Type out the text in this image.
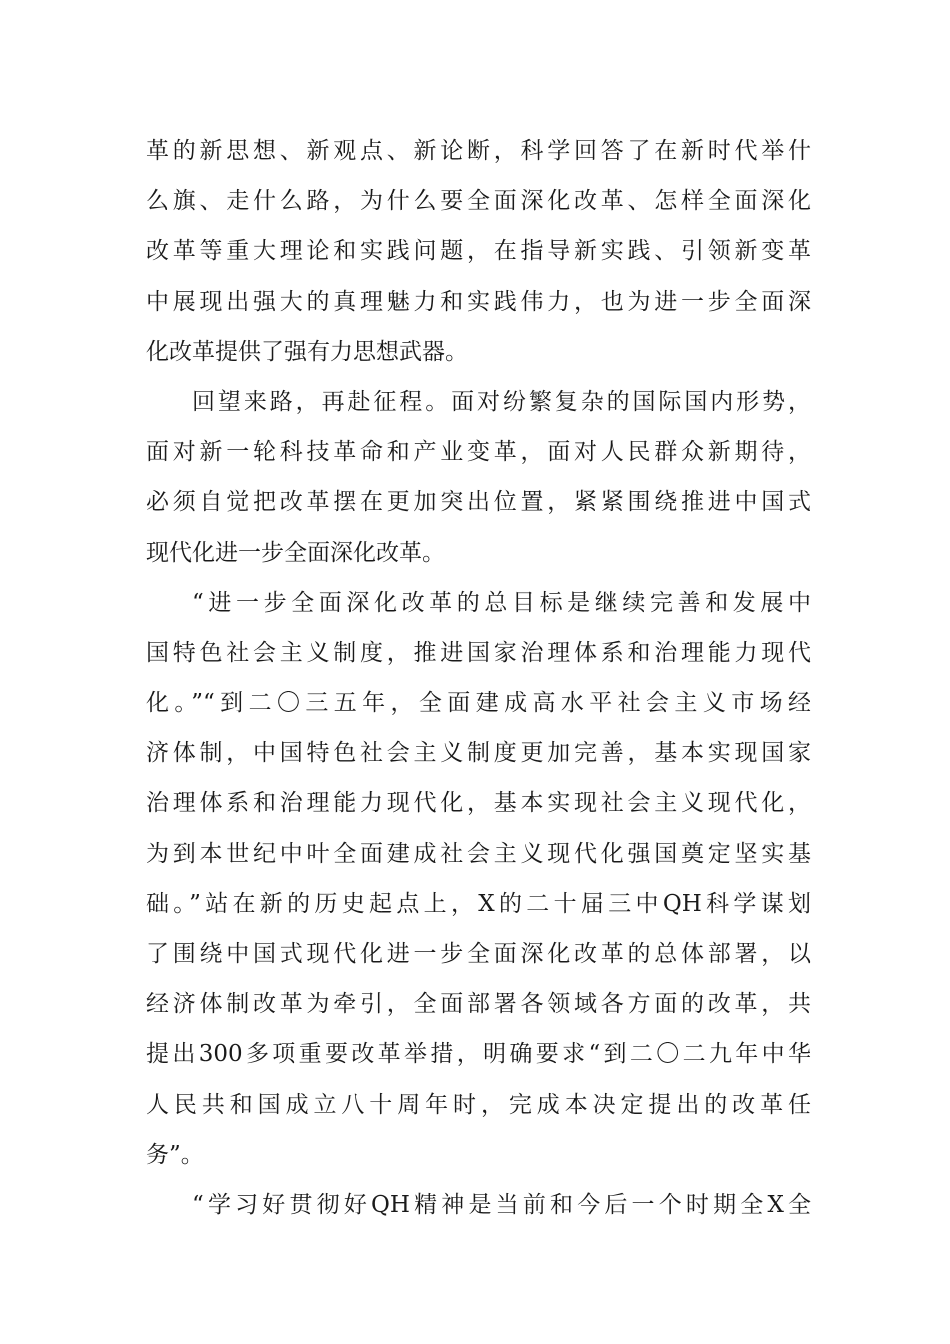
革的新思想、新观点、新论断，科学回答了在新时代举什
么旗、走什么路，为什么要全面深化改革、怎样全面深化
改革等重大理论和实践问题，在指导新实践、引领新变革
中展现出强大的真理魅力和实践伟力，也为进一步全面深
化改革提供了强有力思想武器。
回望来路，再赴征程。面对纷繁复杂的国际国内形势，
面对新一轮科技革命和产业变革，面对人民群众新期待，
必须自觉把改革摆在更加突出位置，紧紧围绕推进中国式
现代化进一步全面深化改革。
“进一步全面深化改革的总目标是继续完善和发展中
国特色社会主义制度，推进国家治理体系和治理能力现代
化。”“到二〇三五年，全面建成高水平社会主义市场经
济体制，中国特色社会主义制度更加完善，基本实现国家
治理体系和治理能力现代化，基本实现社会主义现代化，
为到本世纪中叶全面建成社会主义现代化强国奠定坚实基
础。”站在新的历史起点上，X的二十届三中QH科学谋划
了围绕中国式现代化进一步全面深化改革的总体部署，以
经济体制改革为牵引，全面部署各领域各方面的改革，共
提出300多项重要改革举措，明确要求“到二〇二九年中华
人民共和国成立八十周年时，完成本决定提出的改革任
务”。
“学习好贯彻好QH精神是当前和今后一个时期全X全
